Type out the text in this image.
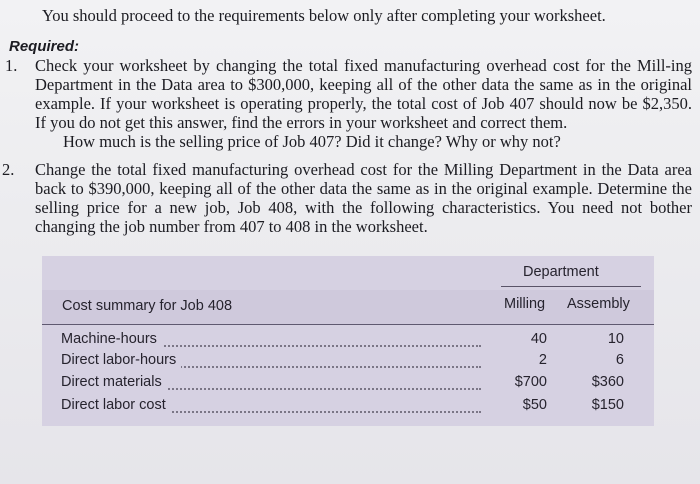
You should proceed to the requirements below only after completing your worksheet.
Required:
1. Check your worksheet by changing the total fixed manufacturing overhead cost for the Mill-ing Department in the Data area to $300,000, keeping all of the other data the same as in the original example. If your worksheet is operating properly, the total cost of Job 407 should now be $2,350. If you do not get this answer, find the errors in your worksheet and correct them.
How much is the selling price of Job 407? Did it change? Why or why not?
2. Change the total fixed manufacturing overhead cost for the Milling Department in the Data area back to $390,000, keeping all of the other data the same as in the original example. Determine the selling price for a new job, Job 408, with the following characteristics. You need not bother changing the job number from 407 to 408 in the worksheet.
Department
Cost summary for Job 408	Milling Assembly
Machine-hours	40	10
Direct labor-hours	2	6
Direct materials	$700	$360
Direct labor cost	$50	$150
